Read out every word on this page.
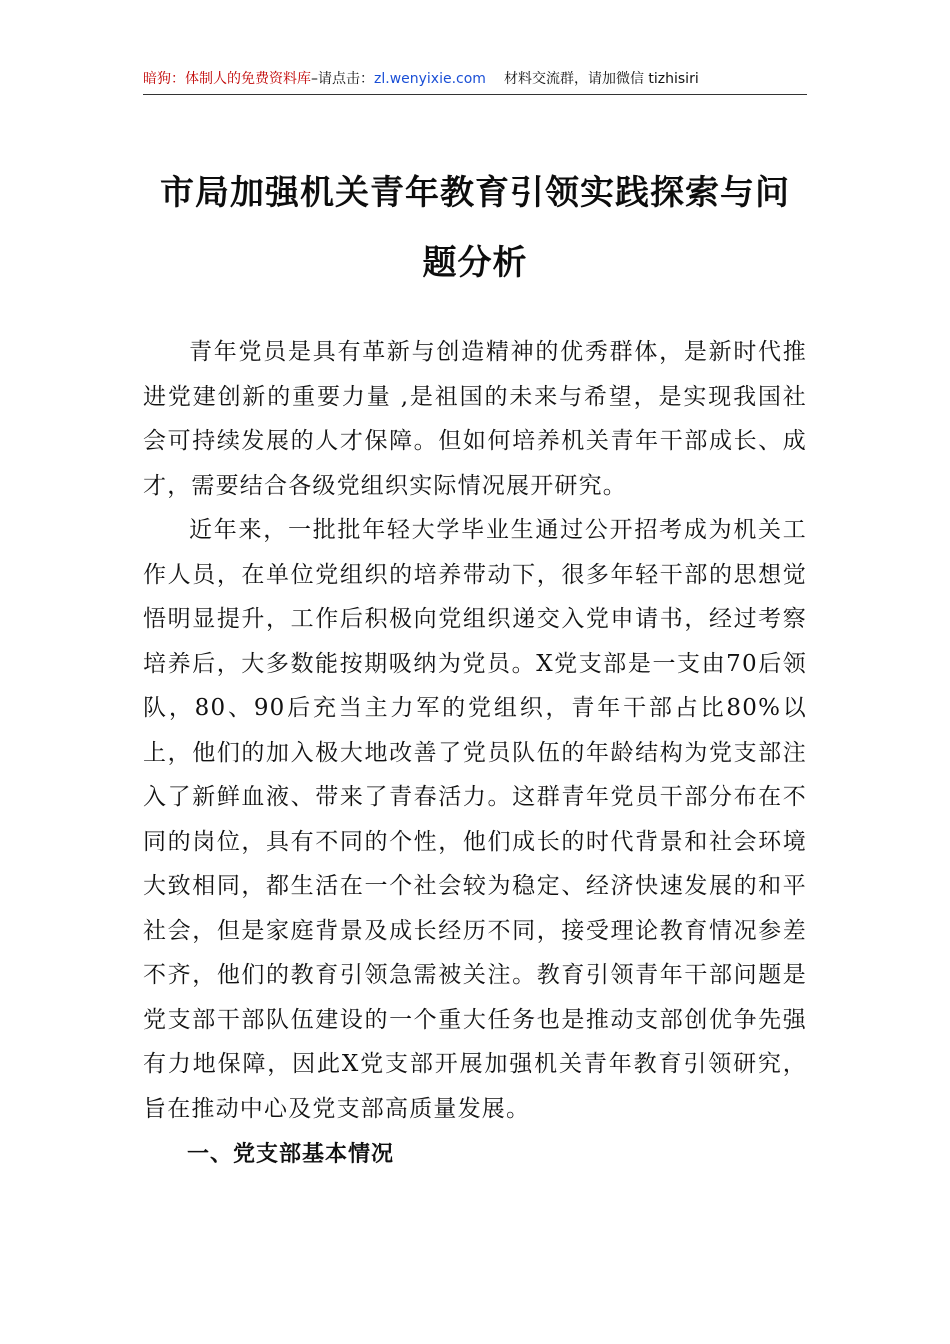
暗狗：体制人的免费资料库–请点击：zl.wenyixie.com 材料交流群，请加微信 tizhisiri
市局加强机关青年教育引领实践探索与问题分析

青年党员是具有革新与创造精神的优秀群体，是新时代推进党建创新的重要力量 ,是祖国的未来与希望，是实现我国社会可持续发展的人才保障。但如何培养机关青年干部成长、成才，需要结合各级党组织实际情况展开研究。

近年来，一批批年轻大学毕业生通过公开招考成为机关工作人员，在单位党组织的培养带动下，很多年轻干部的思想觉悟明显提升，工作后积极向党组织递交入党申请书，经过考察培养后，大多数能按期吸纳为党员。X党支部是一支由70后领队，80、90后充当主力军的党组织，青年干部占比80%以上，他们的加入极大地改善了党员队伍的年龄结构为党支部注入了新鲜血液、带来了青春活力。这群青年党员干部分布在不同的岗位，具有不同的个性，他们成长的时代背景和社会环境大致相同，都生活在一个社会较为稳定、经济快速发展的和平社会，但是家庭背景及成长经历不同，接受理论教育情况参差不齐，他们的教育引领急需被关注。教育引领青年干部问题是党支部干部队伍建设的一个重大任务也是推动支部创优争先强有力地保障，因此X党支部开展加强机关青年教育引领研究，旨在推动中心及党支部高质量发展。

一、党支部基本情况
